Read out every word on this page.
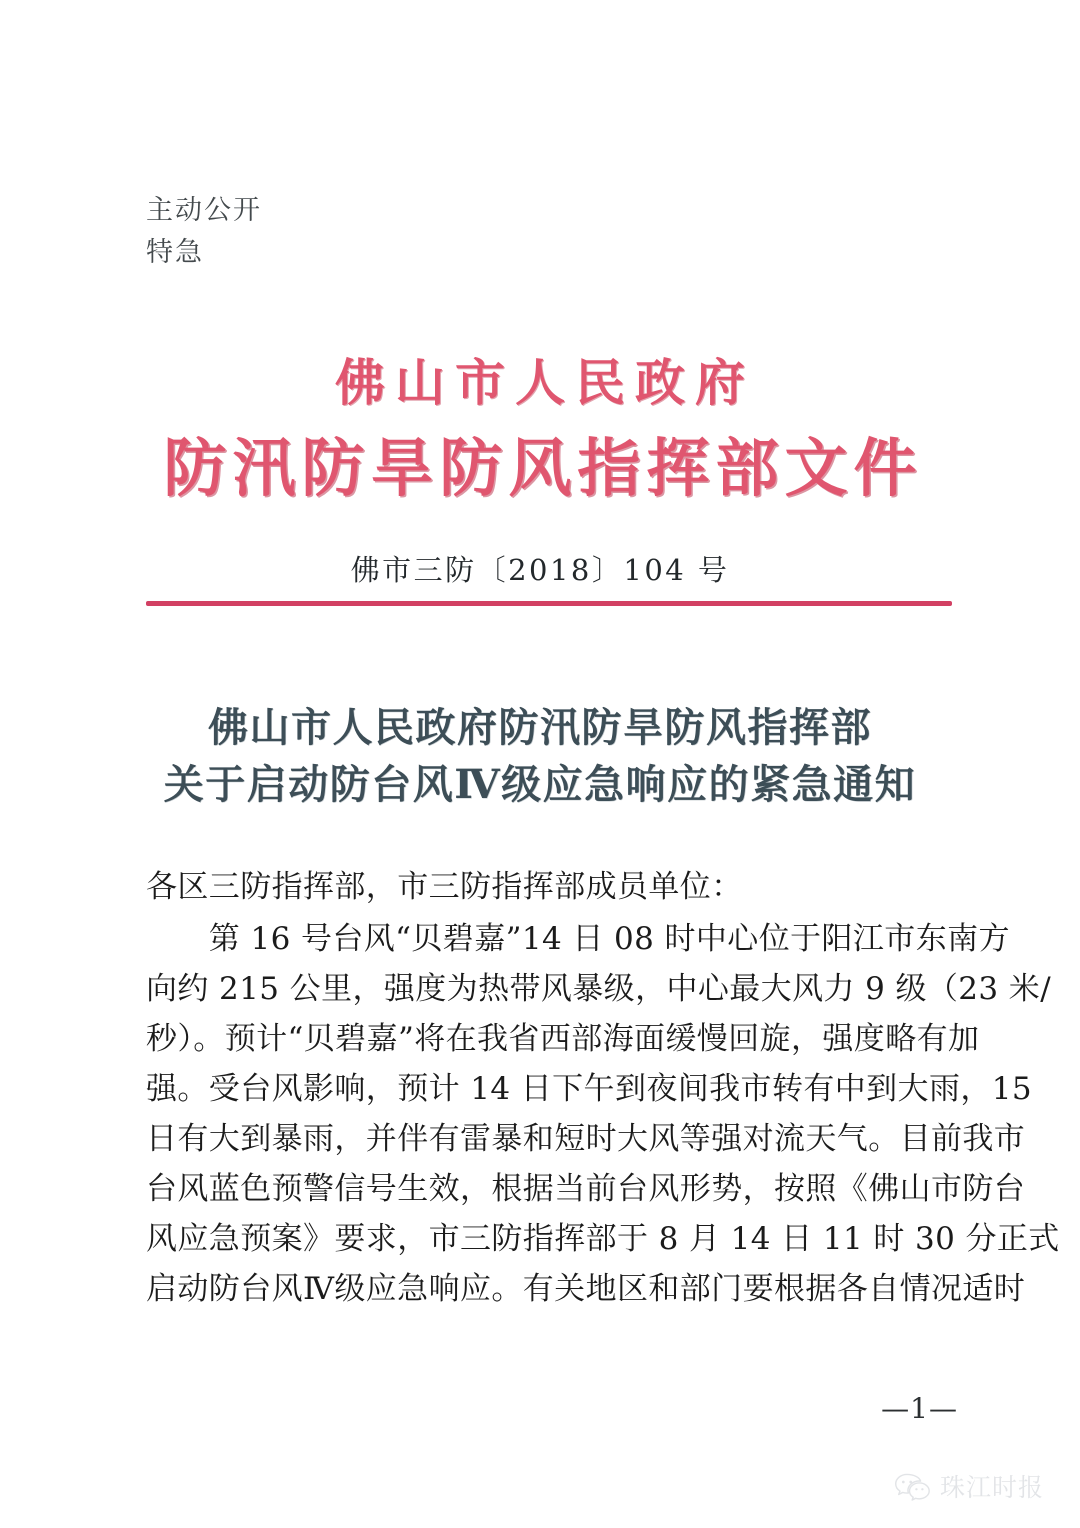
主动公开
特急
佛山市人民政府
防汛防旱防风指挥部文件
佛市三防〔2018〕104 号
佛山市人民政府防汛防旱防风指挥部
关于启动防台风Ⅳ级应急响应的紧急通知
各区三防指挥部，市三防指挥部成员单位：
　　第 16 号台风“贝碧嘉”14 日 08 时中心位于阳江市东南方
向约 215 公里，强度为热带风暴级，中心最大风力 9 级（23 米/
秒）。预计“贝碧嘉”将在我省西部海面缓慢回旋，强度略有加
强。受台风影响，预计 14 日下午到夜间我市转有中到大雨，15
日有大到暴雨，并伴有雷暴和短时大风等强对流天气。目前我市
台风蓝色预警信号生效，根据当前台风形势，按照《佛山市防台
风应急预案》要求，市三防指挥部于 8 月 14 日 11 时 30 分正式
启动防台风Ⅳ级应急响应。有关地区和部门要根据各自情况适时
—1—
珠江时报
